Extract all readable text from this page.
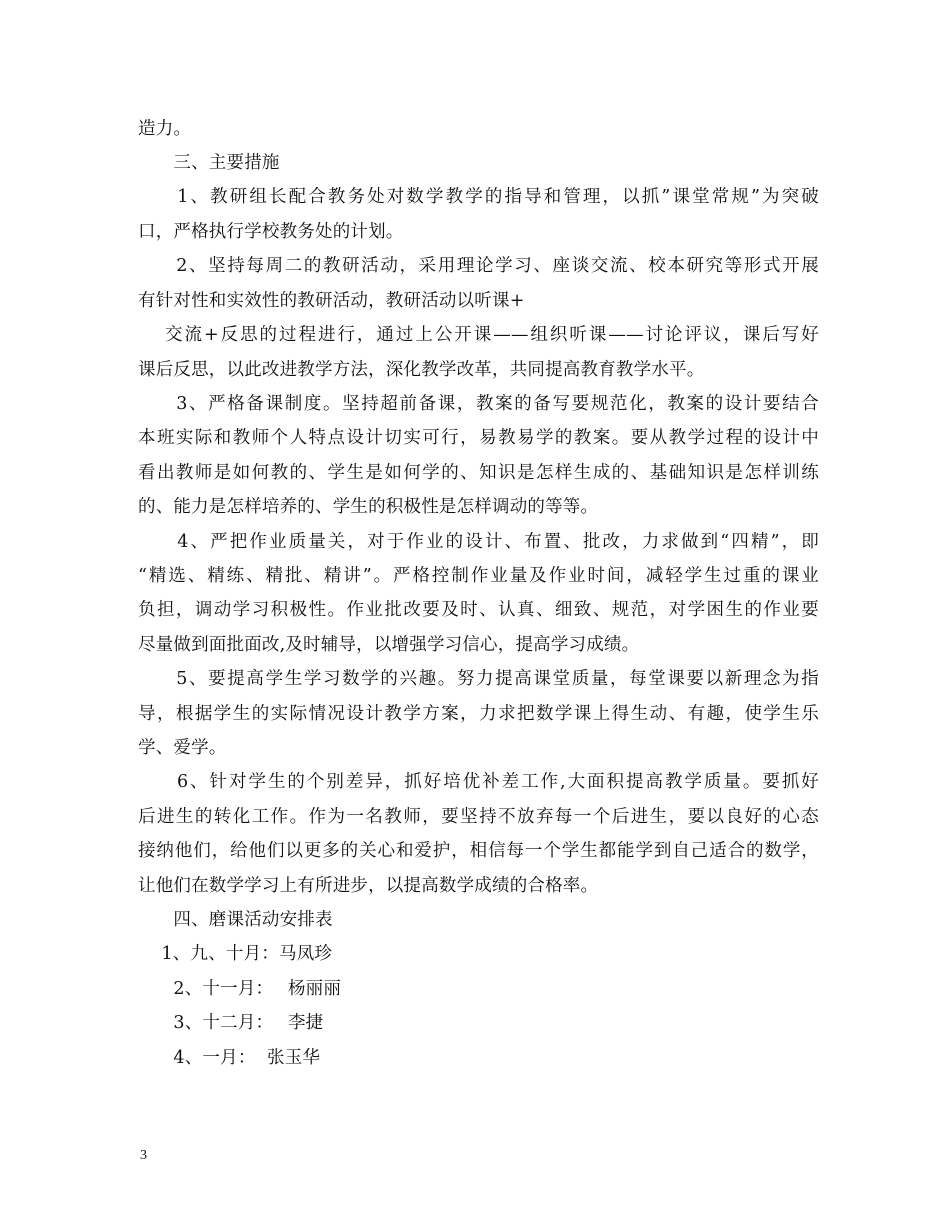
造力。
　　三、主要措施
　　1、教研组长配合教务处对数学教学的指导和管理，以抓”课堂常规”为突破
口，严格执行学校教务处的计划。
　　2、坚持每周二的教研活动，采用理论学习、座谈交流、校本研究等形式开展
有针对性和实效性的教研活动，教研活动以听课+
　 交流+反思的过程进行，通过上公开课——组织听课——讨论评议，课后写好
课后反思，以此改进教学方法，深化教学改革，共同提高教育教学水平。
　　3、严格备课制度。坚持超前备课，教案的备写要规范化，教案的设计要结合
本班实际和教师个人特点设计切实可行，易教易学的教案。要从教学过程的设计中
看出教师是如何教的、学生是如何学的、知识是怎样生成的、基础知识是怎样训练
的、能力是怎样培养的、学生的积极性是怎样调动的等等。
　　4、严把作业质量关，对于作业的设计、布置、批改，力求做到“四精”，即
“精选、精练、精批、精讲”。严格控制作业量及作业时间，减轻学生过重的课业
负担，调动学习积极性。作业批改要及时、认真、细致、规范，对学困生的作业要
尽量做到面批面改,及时辅导，以增强学习信心，提高学习成绩。
　　5、要提高学生学习数学的兴趣。努力提高课堂质量，每堂课要以新理念为指
导，根据学生的实际情况设计教学方案，力求把数学课上得生动、有趣，使学生乐
学、爱学。
　　6、针对学生的个别差异，抓好培优补差工作,大面积提高教学质量。要抓好
后进生的转化工作。作为一名教师，要坚持不放弃每一个后进生，要以良好的心态
接纳他们，给他们以更多的关心和爱护，相信每一个学生都能学到自己适合的数学，
让他们在数学学习上有所进步，以提高数学成绩的合格率。
　　四、磨课活动安排表
　 1、九、十月：马凤珍
　　2、十一月：　 杨丽丽
　　3、十二月：　 李捷
　　4、一月：  张玉华
3
